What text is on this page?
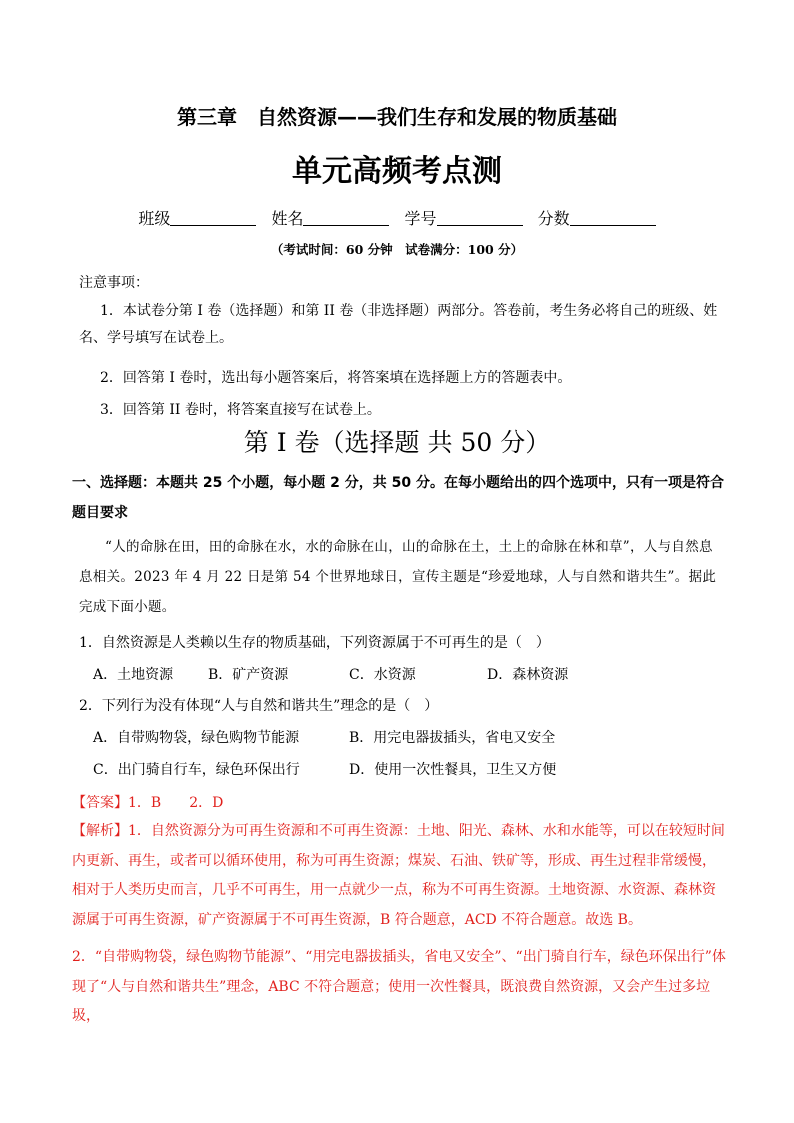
第三章　自然资源——我们生存和发展的物质基础
单元高频考点测
班级	姓名	学号	分数
（考试时间：60 分钟　试卷满分：100 分）
注意事项：
1．本试卷分第 I 卷（选择题）和第 II 卷（非选择题）两部分。答卷前，考生务必将自己的班级、姓名、学号填写在试卷上。
2．回答第 I 卷时，选出每小题答案后，将答案填在选择题上方的答题表中。
3．回答第 II 卷时，将答案直接写在试卷上。
第 I 卷（选择题 共 50 分）
一、选择题：本题共 25 个小题，每小题 2 分，共 50 分。在每小题给出的四个选项中，只有一项是符合题目要求
“人的命脉在田，田的命脉在水，水的命脉在山，山的命脉在土，土上的命脉在林和草”，人与自然息息相关。2023 年 4 月 22 日是第 54 个世界地球日，宣传主题是“珍爱地球，人与自然和谐共生”。据此完成下面小题。
1．自然资源是人类赖以生存的物质基础，下列资源属于不可再生的是（　）
A．土地资源 B．矿产资源	C．水资源	D．森林资源
2．下列行为没有体现“人与自然和谐共生”理念的是（　）
A．自带购物袋，绿色购物节能源	B．用完电器拔插头，省电又安全
C．出门骑自行车，绿色环保出行	D．使用一次性餐具，卫生又方便
【答案】1．B　　2．D
【解析】1．自然资源分为可再生资源和不可再生资源：土地、阳光、森林、水和水能等，可以在较短时间内更新、再生，或者可以循环使用，称为可再生资源；煤炭、石油、铁矿等，形成、再生过程非常缓慢，相对于人类历史而言，几乎不可再生，用一点就少一点，称为不可再生资源。土地资源、水资源、森林资源属于可再生资源，矿产资源属于不可再生资源，B 符合题意，ACD 不符合题意。故选 B。
2．“自带购物袋，绿色购物节能源”、“用完电器拔插头，省电又安全”、“出门骑自行车，绿色环保出行”体现了“人与自然和谐共生”理念，ABC 不符合题意；使用一次性餐具，既浪费自然资源，又会产生过多垃圾，
